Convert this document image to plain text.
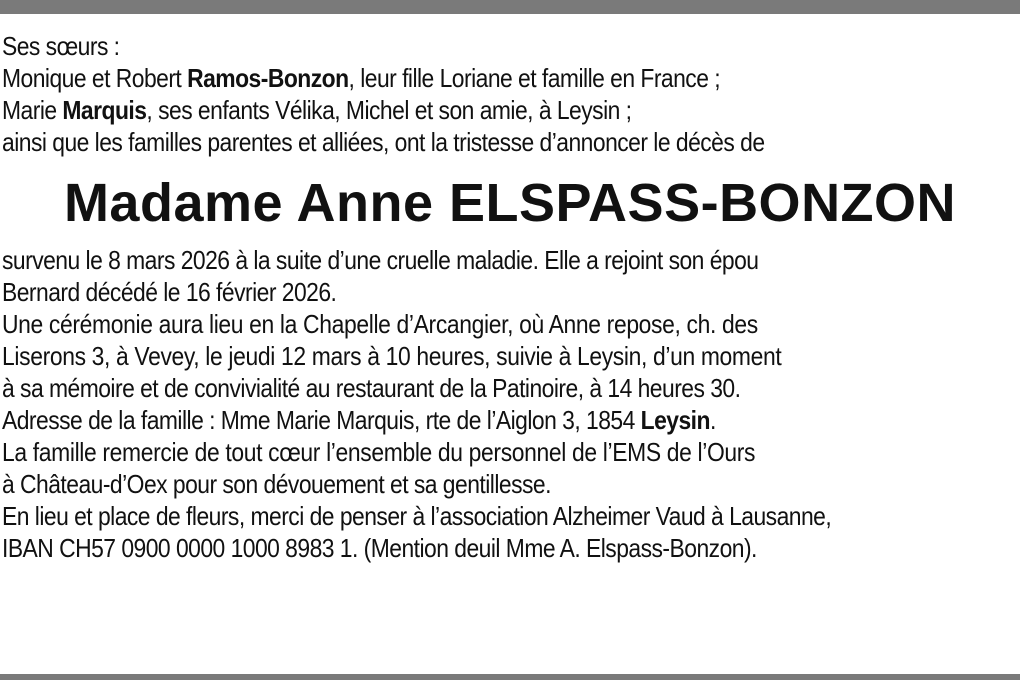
Ses sœurs :
Monique et Robert Ramos-Bonzon, leur fille Loriane et famille en France ;
Marie Marquis, ses enfants Vélika, Michel et son amie, à Leysin ;
ainsi que les familles parentes et alliées, ont la tristesse d’annoncer le décès de
Madame Anne ELSPASS-BONZON
survenu le 8 mars 2026 à la suite d’une cruelle maladie. Elle a rejoint son épou
Bernard décédé le 16 février 2026.
Une cérémonie aura lieu en la Chapelle d’Arcangier, où Anne repose, ch. des
Liserons 3, à Vevey, le jeudi 12 mars à 10 heures, suivie à Leysin, d’un moment
à sa mémoire et de convivialité au restaurant de la Patinoire, à 14 heures 30.
Adresse de la famille : Mme Marie Marquis, rte de l’Aiglon 3, 1854 Leysin.
La famille remercie de tout cœur l’ensemble du personnel de l’EMS de l’Ours
à Château-d’Oex pour son dévouement et sa gentillesse.
En lieu et place de fleurs, merci de penser à l’association Alzheimer Vaud à Lausanne,
IBAN CH57 0900 0000 1000 8983 1. (Mention deuil Mme A. Elspass-Bonzon).
